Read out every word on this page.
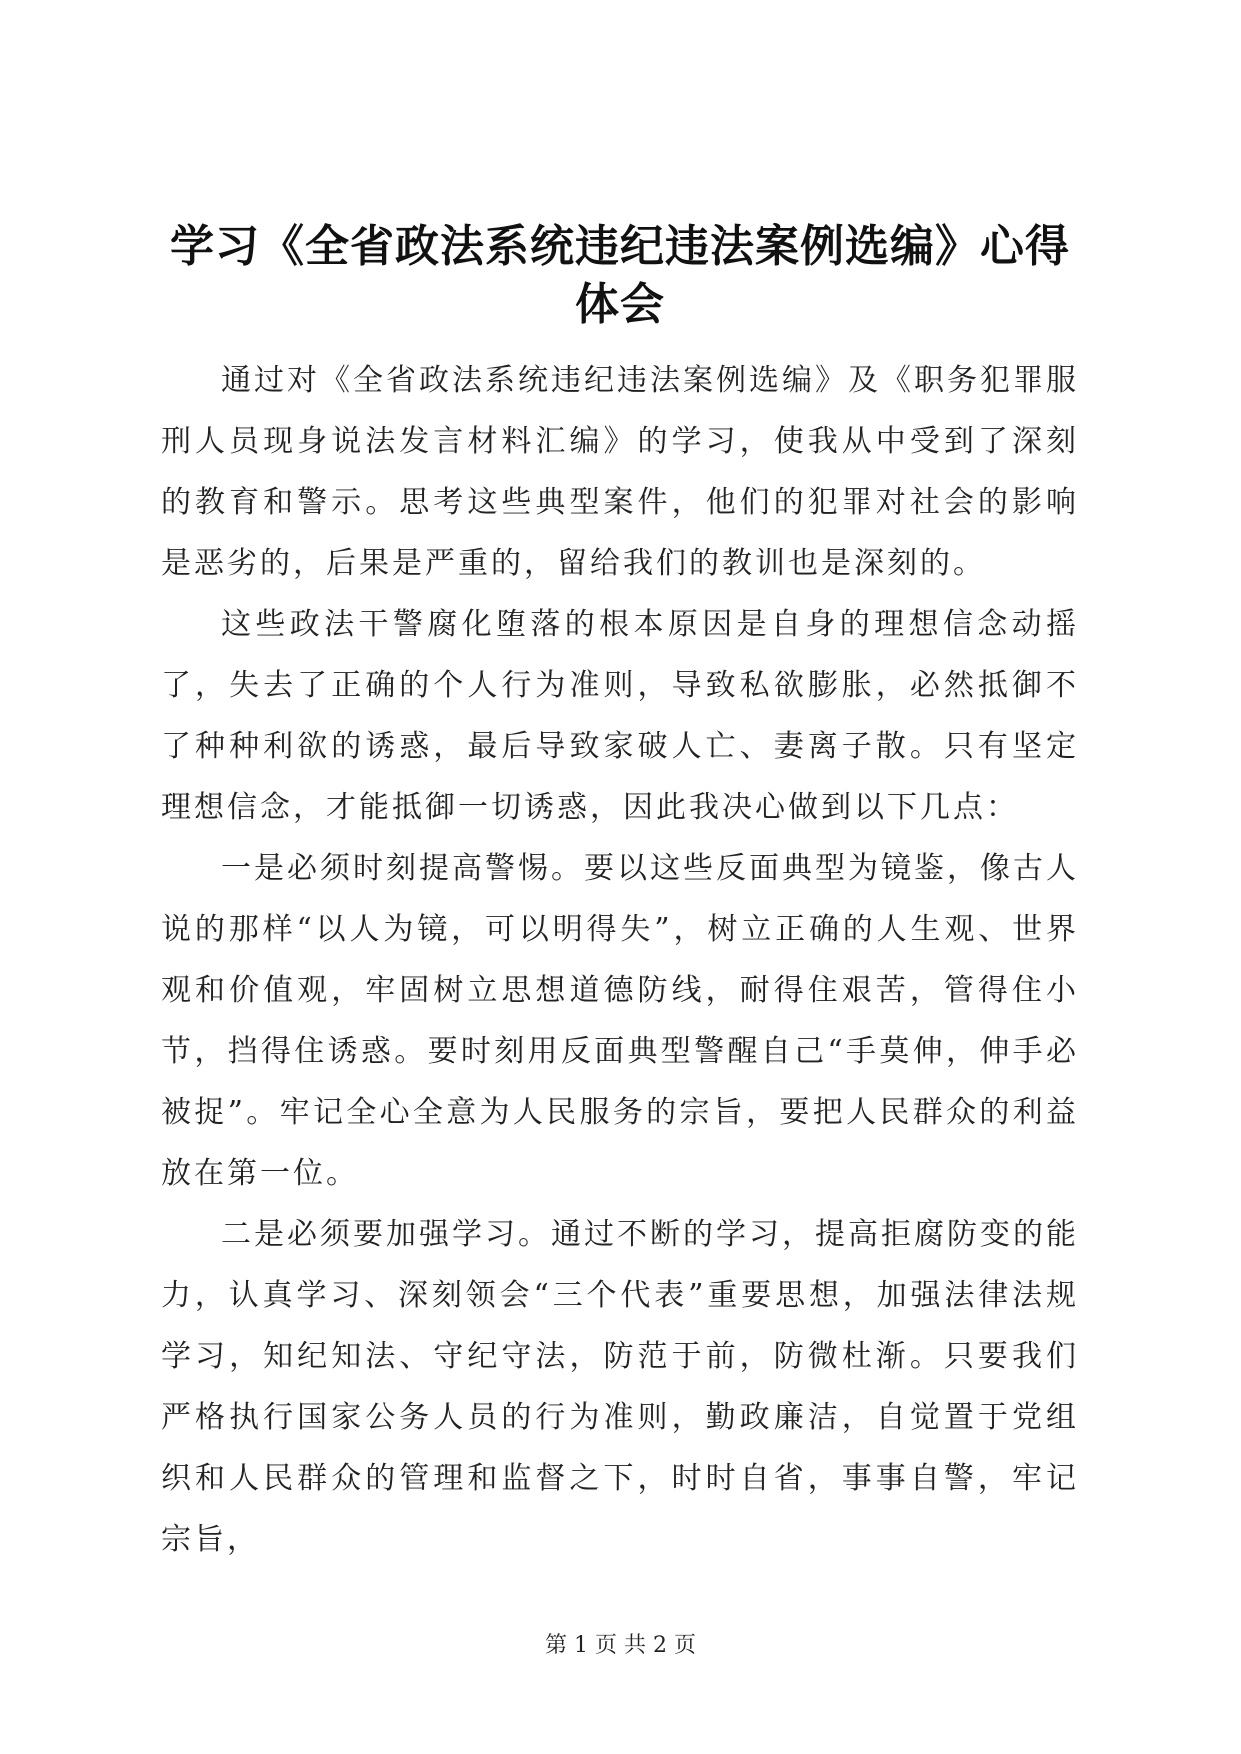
学习《全省政法系统违纪违法案例选编》心得体会

通过对《全省政法系统违纪违法案例选编》及《职务犯罪服刑人员现身说法发言材料汇编》的学习，使我从中受到了深刻的教育和警示。思考这些典型案件，他们的犯罪对社会的影响是恶劣的，后果是严重的，留给我们的教训也是深刻的。

这些政法干警腐化堕落的根本原因是自身的理想信念动摇了，失去了正确的个人行为准则，导致私欲膨胀，必然抵御不了种种利欲的诱惑，最后导致家破人亡、妻离子散。只有坚定理想信念，才能抵御一切诱惑，因此我决心做到以下几点：

一是必须时刻提高警惕。要以这些反面典型为镜鉴，像古人说的那样“以人为镜，可以明得失”，树立正确的人生观、世界观和价值观，牢固树立思想道德防线，耐得住艰苦，管得住小节，挡得住诱惑。要时刻用反面典型警醒自己“手莫伸，伸手必被捉”。牢记全心全意为人民服务的宗旨，要把人民群众的利益放在第一位。

二是必须要加强学习。通过不断的学习，提高拒腐防变的能力，认真学习、深刻领会“三个代表”重要思想，加强法律法规学习，知纪知法、守纪守法，防范于前，防微杜渐。只要我们严格执行国家公务人员的行为准则，勤政廉洁，自觉置于党组织和人民群众的管理和监督之下，时时自省，事事自警，牢记宗旨，

第 1 页 共 2 页
